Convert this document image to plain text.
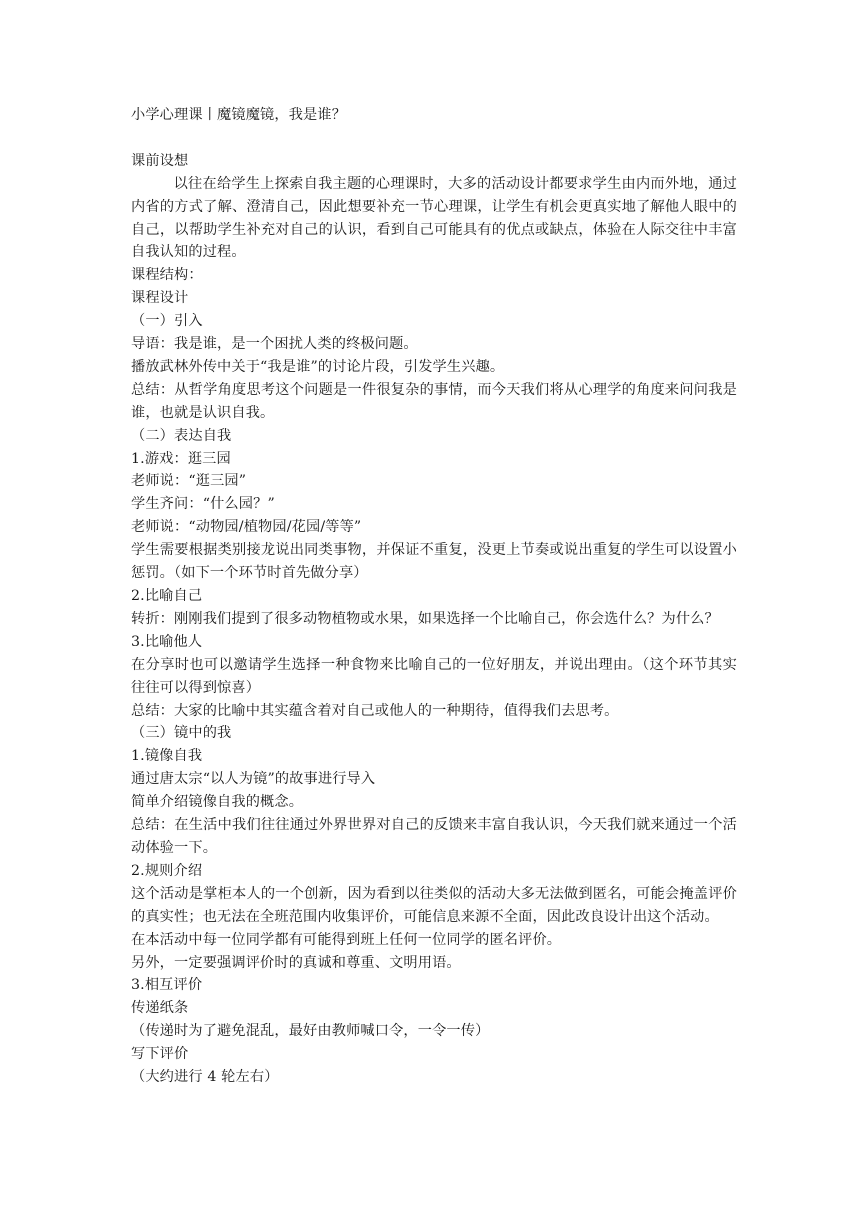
小学心理课丨魔镜魔镜，我是谁？

课前设想

以往在给学生上探索自我主题的心理课时，大多的活动设计都要求学生由内而外地，通过内省的方式了解、澄清自己，因此想要补充一节心理课，让学生有机会更真实地了解他人眼中的自己，以帮助学生补充对自己的认识，看到自己可能具有的优点或缺点，体验在人际交往中丰富自我认知的过程。

课程结构：

课程设计

（一）引入

导语：我是谁，是一个困扰人类的终极问题。

播放武林外传中关于“我是谁”的讨论片段，引发学生兴趣。

总结：从哲学角度思考这个问题是一件很复杂的事情，而今天我们将从心理学的角度来问问我是谁，也就是认识自我。

（二）表达自我

1.游戏：逛三园

老师说：“逛三园”

学生齐问：“什么园？”

老师说：“动物园/植物园/花园/等等”

学生需要根据类别接龙说出同类事物，并保证不重复，没更上节奏或说出重复的学生可以设置小惩罚。（如下一个环节时首先做分享）

2.比喻自己

转折：刚刚我们提到了很多动物植物或水果，如果选择一个比喻自己，你会选什么？为什么？

3.比喻他人

在分享时也可以邀请学生选择一种食物来比喻自己的一位好朋友，并说出理由。（这个环节其实往往可以得到惊喜）

总结：大家的比喻中其实蕴含着对自己或他人的一种期待，值得我们去思考。

（三）镜中的我

1.镜像自我

通过唐太宗“以人为镜”的故事进行导入

简单介绍镜像自我的概念。

总结：在生活中我们往往通过外界世界对自己的反馈来丰富自我认识，今天我们就来通过一个活动体验一下。

2.规则介绍

这个活动是掌柜本人的一个创新，因为看到以往类似的活动大多无法做到匿名，可能会掩盖评价的真实性；也无法在全班范围内收集评价，可能信息来源不全面，因此改良设计出这个活动。

在本活动中每一位同学都有可能得到班上任何一位同学的匿名评价。

另外，一定要强调评价时的真诚和尊重、文明用语。

3.相互评价

传递纸条

（传递时为了避免混乱，最好由教师喊口令，一令一传）

写下评价

（大约进行 4 轮左右）
